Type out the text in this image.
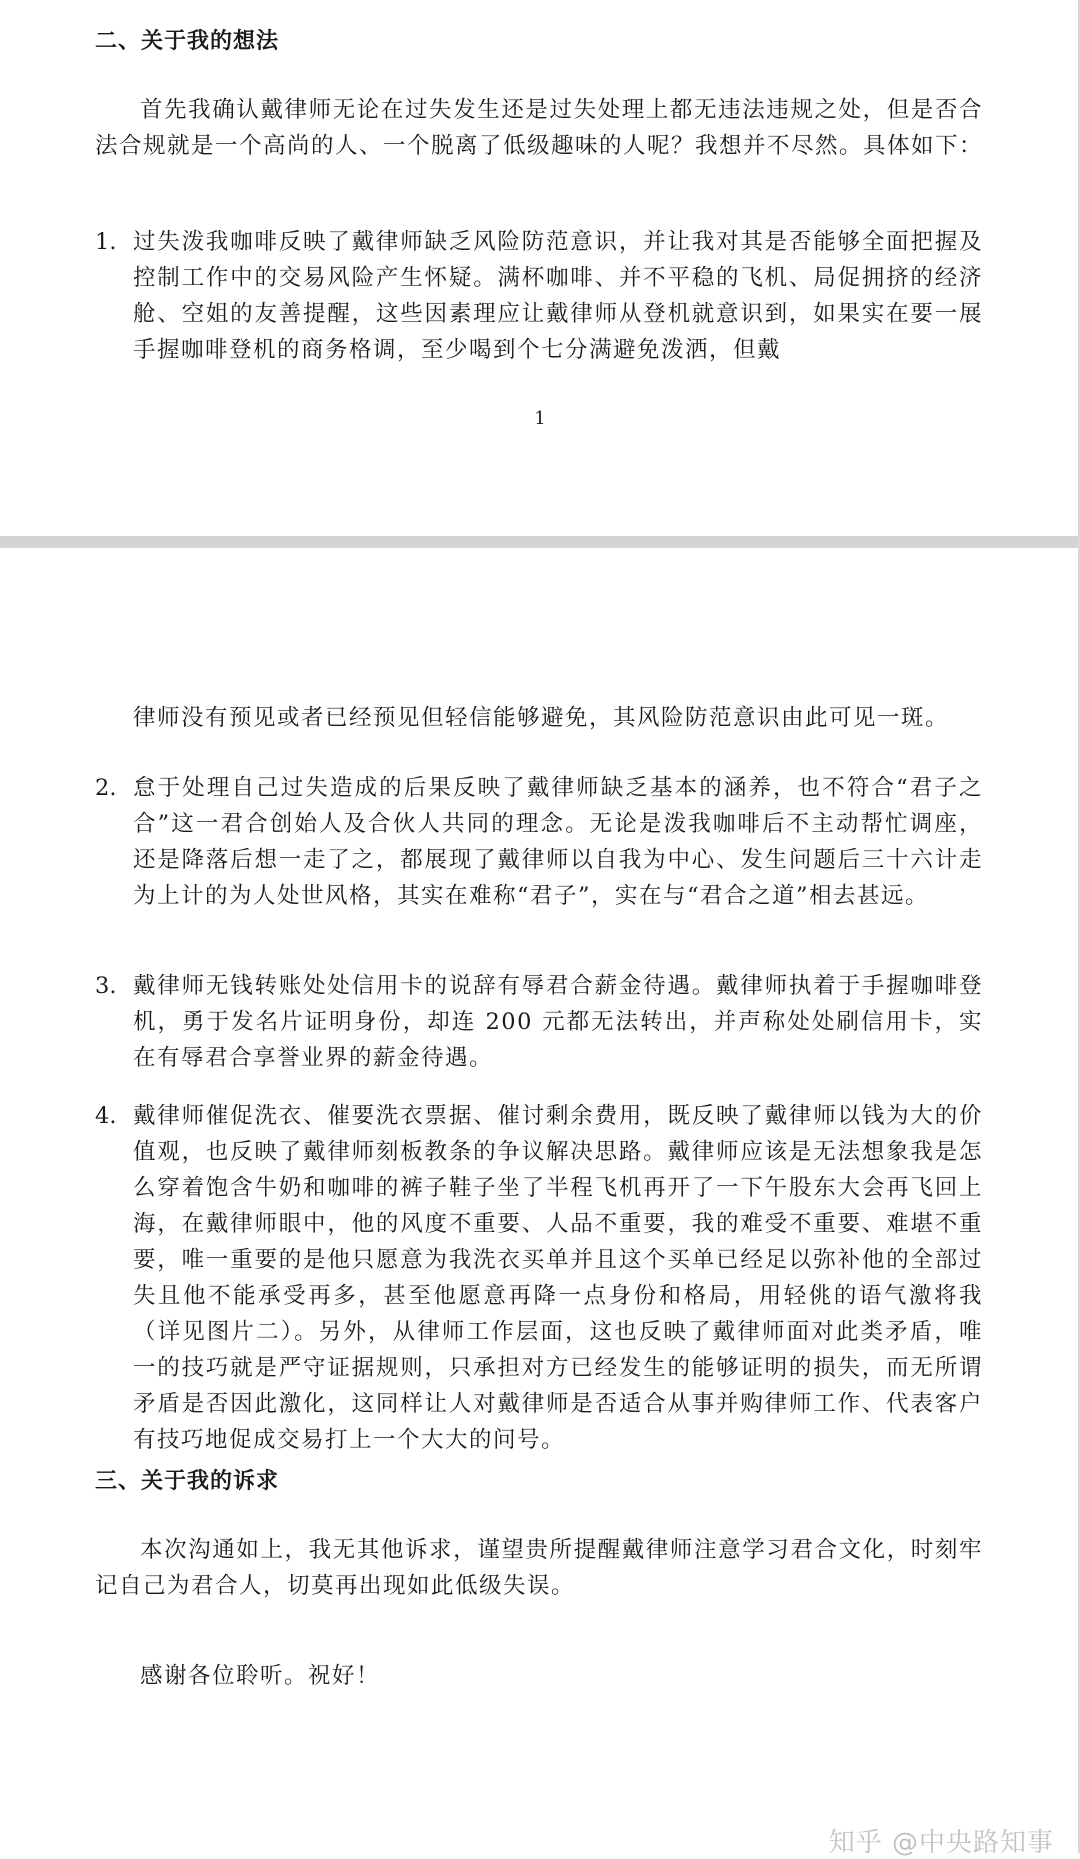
二、关于我的想法
首先我确认戴律师无论在过失发生还是过失处理上都无违法违规之处，但是否合法合规就是一个高尚的人、一个脱离了低级趣味的人呢？我想并不尽然。具体如下：
1. 过失泼我咖啡反映了戴律师缺乏风险防范意识，并让我对其是否能够全面把握及控制工作中的交易风险产生怀疑。满杯咖啡、并不平稳的飞机、局促拥挤的经济舱、空姐的友善提醒，这些因素理应让戴律师从登机就意识到，如果实在要一展手握咖啡登机的商务格调，至少喝到个七分满避免泼洒，但戴
1
律师没有预见或者已经预见但轻信能够避免，其风险防范意识由此可见一斑。
2. 怠于处理自己过失造成的后果反映了戴律师缺乏基本的涵养，也不符合“君子之合”这一君合创始人及合伙人共同的理念。无论是泼我咖啡后不主动帮忙调座，还是降落后想一走了之，都展现了戴律师以自我为中心、发生问题后三十六计走为上计的为人处世风格，其实在难称“君子”，实在与“君合之道”相去甚远。
3. 戴律师无钱转账处处信用卡的说辞有辱君合薪金待遇。戴律师执着于手握咖啡登机，勇于发名片证明身份，却连 200 元都无法转出，并声称处处刷信用卡，实在有辱君合享誉业界的薪金待遇。
4. 戴律师催促洗衣、催要洗衣票据、催讨剩余费用，既反映了戴律师以钱为大的价值观，也反映了戴律师刻板教条的争议解决思路。戴律师应该是无法想象我是怎么穿着饱含牛奶和咖啡的裤子鞋子坐了半程飞机再开了一下午股东大会再飞回上海，在戴律师眼中，他的风度不重要、人品不重要，我的难受不重要、难堪不重要，唯一重要的是他只愿意为我洗衣买单并且这个买单已经足以弥补他的全部过失且他不能承受再多，甚至他愿意再降一点身份和格局，用轻佻的语气激将我（详见图片二）。另外，从律师工作层面，这也反映了戴律师面对此类矛盾，唯一的技巧就是严守证据规则，只承担对方已经发生的能够证明的损失，而无所谓矛盾是否因此激化，这同样让人对戴律师是否适合从事并购律师工作、代表客户有技巧地促成交易打上一个大大的问号。
三、关于我的诉求
本次沟通如上，我无其他诉求，谨望贵所提醒戴律师注意学习君合文化，时刻牢记自己为君合人，切莫再出现如此低级失误。
感谢各位聆听。祝好！
知乎 @中央路知事
